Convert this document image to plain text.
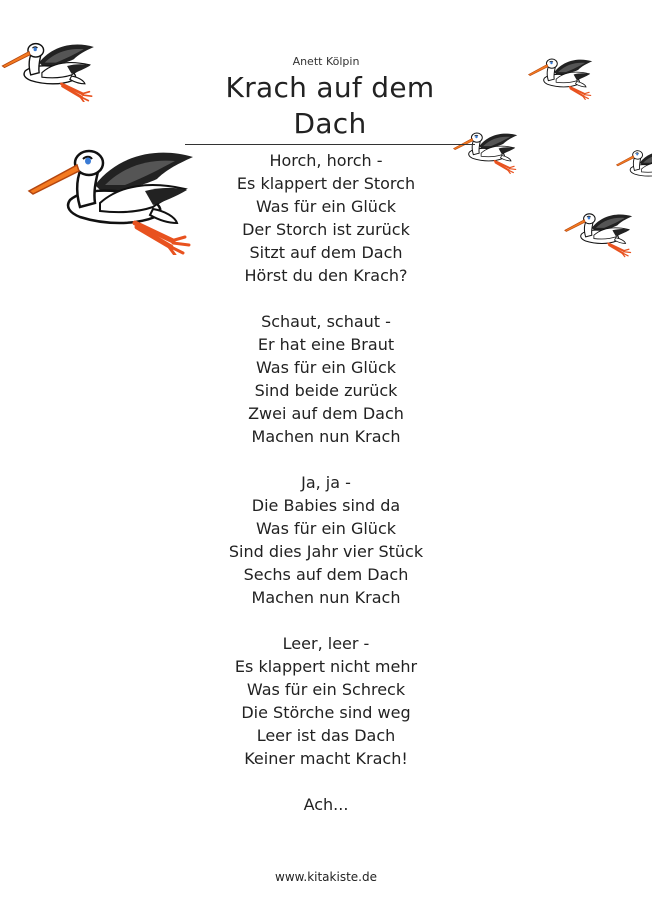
Anett Kölpin
Krach auf dem Dach
Horch, horch -
Es klappert der Storch
Was für ein Glück
Der Storch ist zurück
Sitzt auf dem Dach
Hörst du den Krach?
Schaut, schaut -
Er hat eine Braut
Was für ein Glück
Sind beide zurück
Zwei auf dem Dach
Machen nun Krach
Ja, ja -
Die Babies sind da
Was für ein Glück
Sind dies Jahr vier Stück
Sechs auf dem Dach
Machen nun Krach
Leer, leer -
Es klappert nicht mehr
Was für ein Schreck
Die Störche sind weg
Leer ist das Dach
Keiner macht Krach!
Ach...
www.kitakiste.de
